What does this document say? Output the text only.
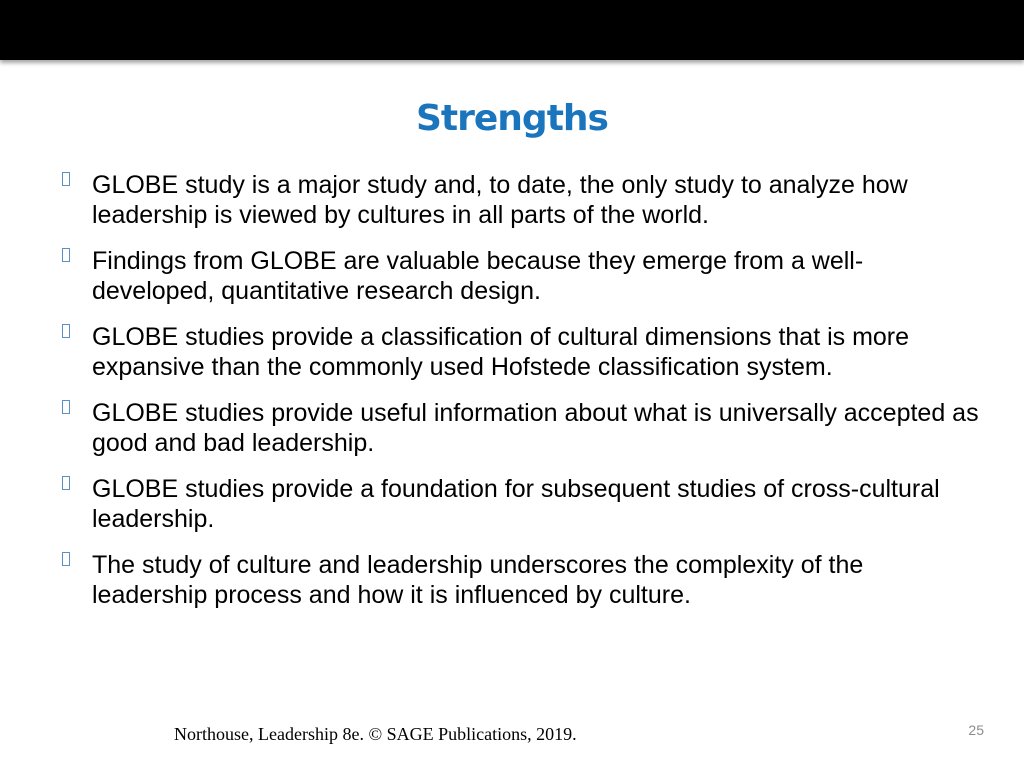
Strengths
GLOBE study is a major study and, to date, the only study to analyze how leadership is viewed by cultures in all parts of the world.
Findings from GLOBE are valuable because they emerge from a well-developed, quantitative research design.
GLOBE studies provide a classification of cultural dimensions that is more expansive than the commonly used Hofstede classification system.
GLOBE studies provide useful information about what is universally accepted as good and bad leadership.
GLOBE studies provide a foundation for subsequent studies of cross-cultural leadership.
The study of culture and leadership underscores the complexity of the leadership process and how it is influenced by culture.
Northouse, Leadership 8e. © SAGE Publications, 2019.	25
